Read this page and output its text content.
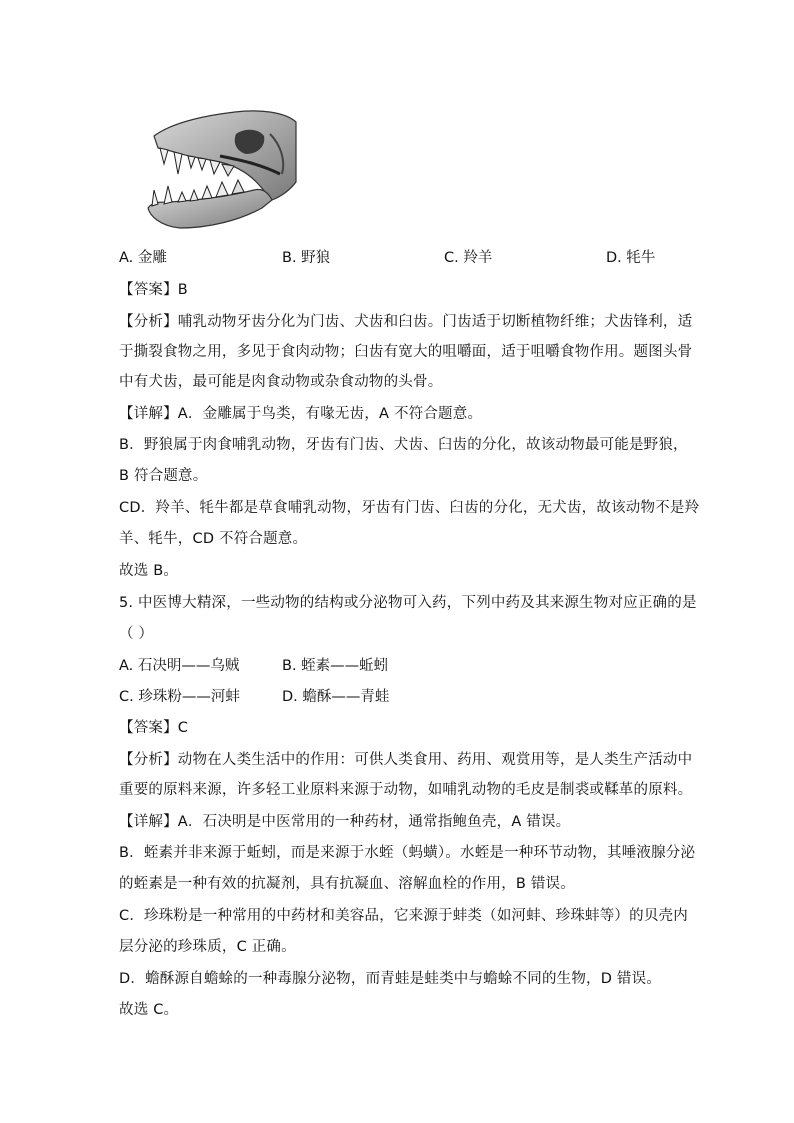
A. 金雕	B. 野狼	C. 羚羊	D. 牦牛
【答案】B
【分析】哺乳动物牙齿分化为门齿、犬齿和臼齿。门齿适于切断植物纤维；犬齿锋利，适
于撕裂食物之用，多见于食肉动物；臼齿有宽大的咀嚼面，适于咀嚼食物作用。题图头骨
中有犬齿，最可能是肉食动物或杂食动物的头骨。
【详解】A．金雕属于鸟类，有喙无齿，A 不符合题意。
B．野狼属于肉食哺乳动物，牙齿有门齿、犬齿、臼齿的分化，故该动物最可能是野狼，
B 符合题意。
CD．羚羊、牦牛都是草食哺乳动物，牙齿有门齿、臼齿的分化，无犬齿，故该动物不是羚
羊、牦牛，CD 不符合题意。
故选 B。
5. 中医博大精深，一些动物的结构或分泌物可入药，下列中药及其来源生物对应正确的是
（ ）
A. 石决明——乌贼	B. 蛭素——蚯蚓
C. 珍珠粉——河蚌	D. 蟾酥——青蛙
【答案】C
【分析】动物在人类生活中的作用：可供人类食用、药用、观赏用等，是人类生产活动中
重要的原料来源，许多轻工业原料来源于动物，如哺乳动物的毛皮是制裘或鞣革的原料。
【详解】A．石决明是中医常用的一种药材，通常指鲍鱼壳，A 错误。
B．蛭素并非来源于蚯蚓，而是来源于水蛭（蚂蟥）。水蛭是一种环节动物，其唾液腺分泌
的蛭素是一种有效的抗凝剂，具有抗凝血、溶解血栓的作用，B 错误。
C．珍珠粉是一种常用的中药材和美容品，它来源于蚌类（如河蚌、珍珠蚌等）的贝壳内
层分泌的珍珠质，C 正确。
D．蟾酥源自蟾蜍的一种毒腺分泌物，而青蛙是蛙类中与蟾蜍不同的生物，D 错误。
故选 C。
